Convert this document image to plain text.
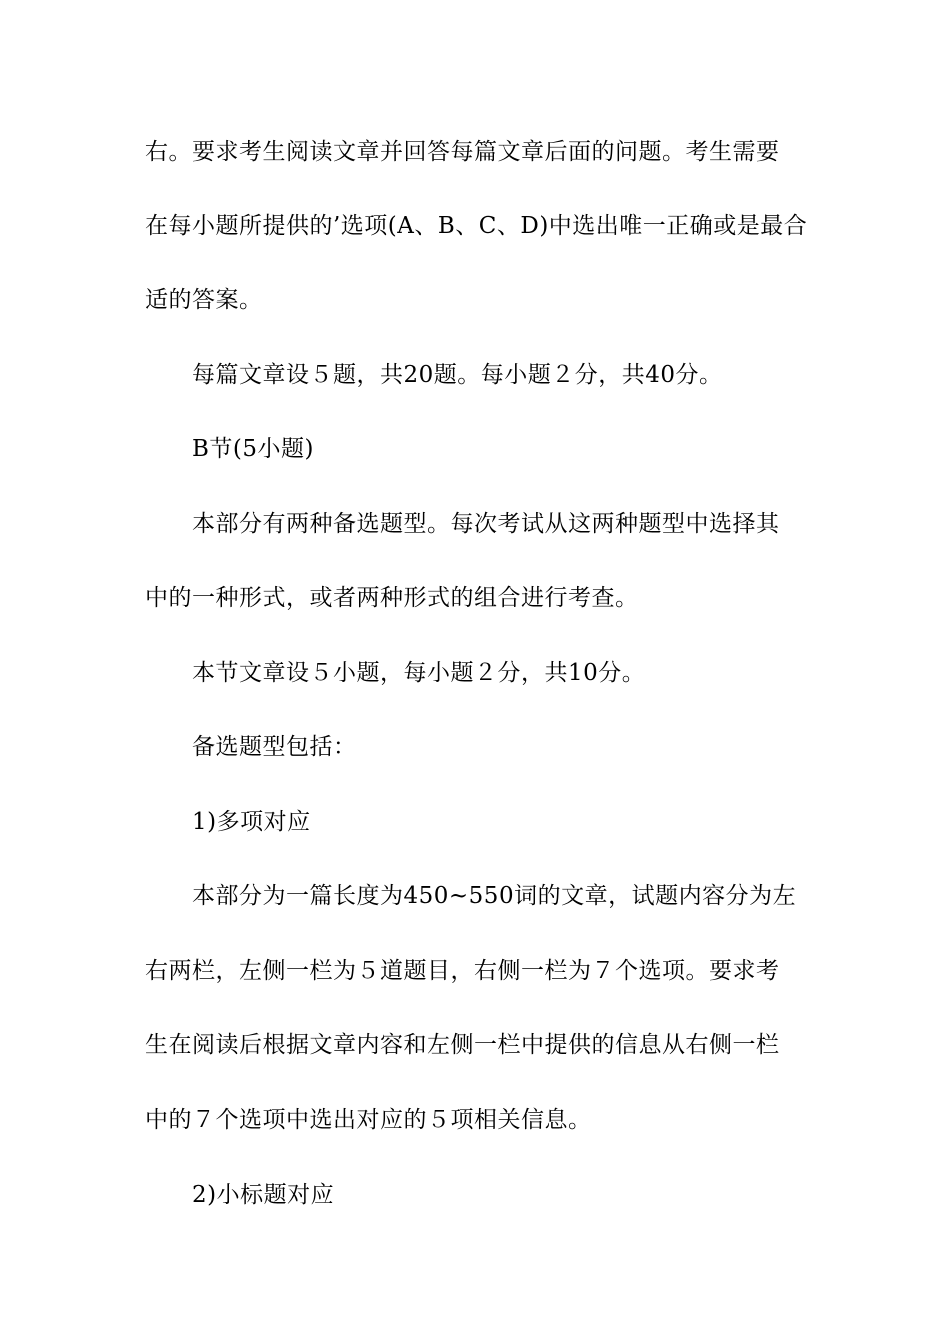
右。要求考生阅读文章并回答每篇文章后面的问题。考生需要
在每小题所提供的’选项(A、B、C、D)中选出唯一正确或是最合
适的答案。
每篇文章设５题，共20题。每小题２分，共40分。
B节(5小题)
本部分有两种备选题型。每次考试从这两种题型中选择其
中的一种形式，或者两种形式的组合进行考查。
本节文章设５小题，每小题２分，共10分。
备选题型包括：
1)多项对应
本部分为一篇长度为450~550词的文章，试题内容分为左
右两栏，左侧一栏为５道题目，右侧一栏为７个选项。要求考
生在阅读后根据文章内容和左侧一栏中提供的信息从右侧一栏
中的７个选项中选出对应的５项相关信息。
2)小标题对应
